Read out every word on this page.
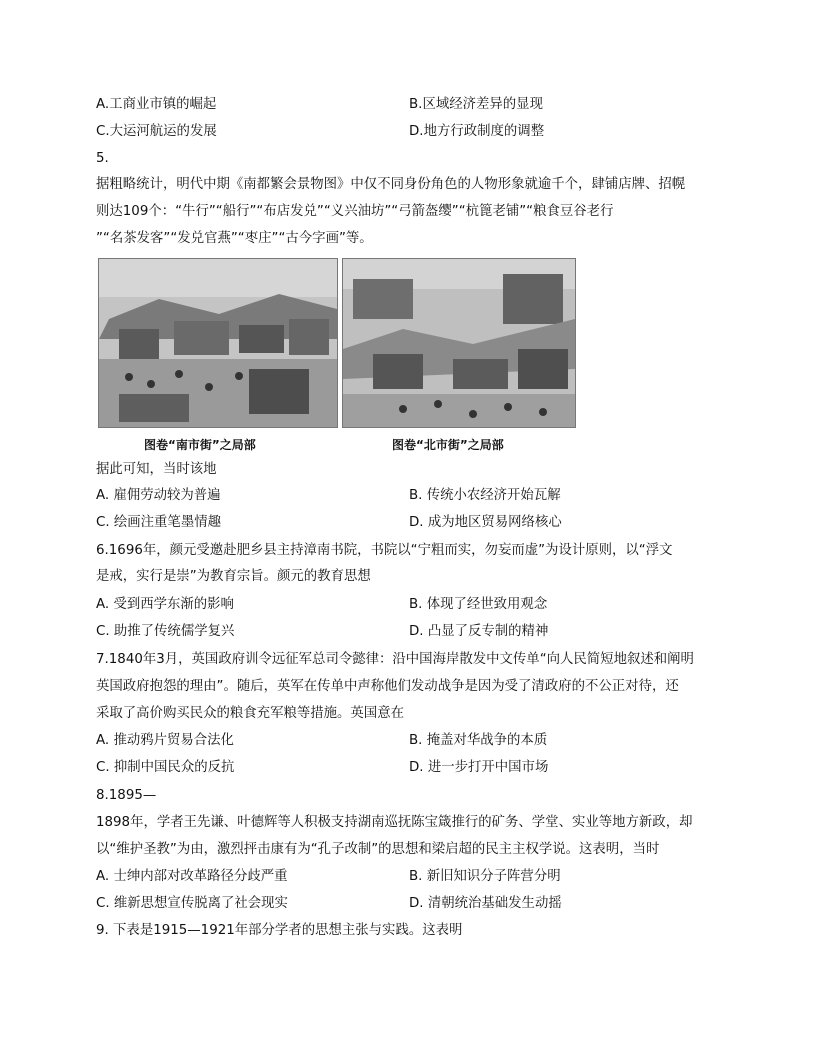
A.工商业市镇的崛起	B.区域经济差异的显现
C.大运河航运的发展	D.地方行政制度的调整
5.
据粗略统计，明代中期《南都繁会景物图》中仅不同身份角色的人物形象就逾千个，肆铺店牌、招幌
则达109个：“牛行”“船行”“布店发兑”“义兴油坊”“弓箭盔缨”“杭篦老铺”“粮食豆谷老行
”“名茶发客”“发兑官燕”“枣庄”“古今字画”等。
图卷“南市街”之局部	图卷“北市街”之局部
据此可知，当时该地
A. 雇佣劳动较为普遍	B. 传统小农经济开始瓦解
C. 绘画注重笔墨情趣	D. 成为地区贸易网络核心
6.1696年，颜元受邀赴肥乡县主持漳南书院，书院以“宁粗而实，勿妄而虚”为设计原则，以“浮文
是戒，实行是崇”为教育宗旨。颜元的教育思想
A. 受到西学东渐的影响	B. 体现了经世致用观念
C. 助推了传统儒学复兴	D. 凸显了反专制的精神
7.1840年3月，英国政府训令远征军总司令懿律：沿中国海岸散发中文传单“向人民简短地叙述和阐明
英国政府抱怨的理由”。随后，英军在传单中声称他们发动战争是因为受了清政府的不公正对待，还
采取了高价购买民众的粮食充军粮等措施。英国意在
A. 推动鸦片贸易合法化	B. 掩盖对华战争的本质
C. 抑制中国民众的反抗	D. 进一步打开中国市场
8.1895—
1898年，学者王先谦、叶德辉等人积极支持湖南巡抚陈宝箴推行的矿务、学堂、实业等地方新政，却
以“维护圣教”为由，激烈抨击康有为“孔子改制”的思想和梁启超的民主主权学说。这表明，当时
A. 士绅内部对改革路径分歧严重	B. 新旧知识分子阵营分明
C. 维新思想宣传脱离了社会现实	D. 清朝统治基础发生动摇
9. 下表是1915—1921年部分学者的思想主张与实践。这表明
